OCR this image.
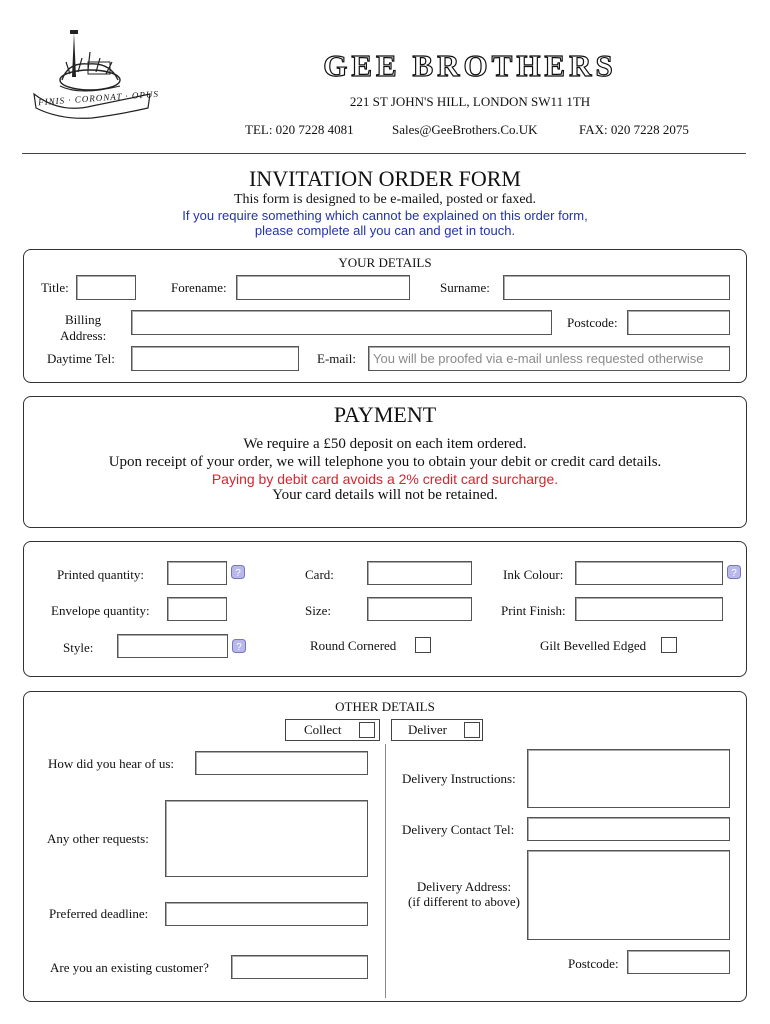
FINIS · CORONAT · OPUS
GEE BROTHERS
221 ST JOHN'S HILL, LONDON SW11 1TH
TEL: 020 7228 4081	Sales@GeeBrothers.Co.UK	FAX: 020 7228 2075
INVITATION ORDER FORM
This form is designed to be e-mailed, posted or faxed.
If you require something which cannot be explained on this order form,
please complete all you can and get in touch.
YOUR DETAILS
Title:	Forename:	Surname:
Billing
Address:
Postcode:
Daytime Tel:	E-mail:
You will be proofed via e-mail unless requested otherwise
PAYMENT
We require a £50 deposit on each item ordered.
Upon receipt of your order, we will telephone you to obtain your debit or credit card details.
Paying by debit card avoids a 2% credit card surcharge.
Your card details will not be retained.
Printed quantity:	?	Card:	Ink Colour:	?
Envelope quantity:	Size:	Print Finish:
Style:	?	Round Cornered	Gilt Bevelled Edged
OTHER DETAILS
Collect	Deliver
How did you hear of us:
Any other requests:
Preferred deadline:
Are you an existing customer?
Delivery Instructions:
Delivery Contact Tel:
Delivery Address:
(if different to above)
Postcode:
